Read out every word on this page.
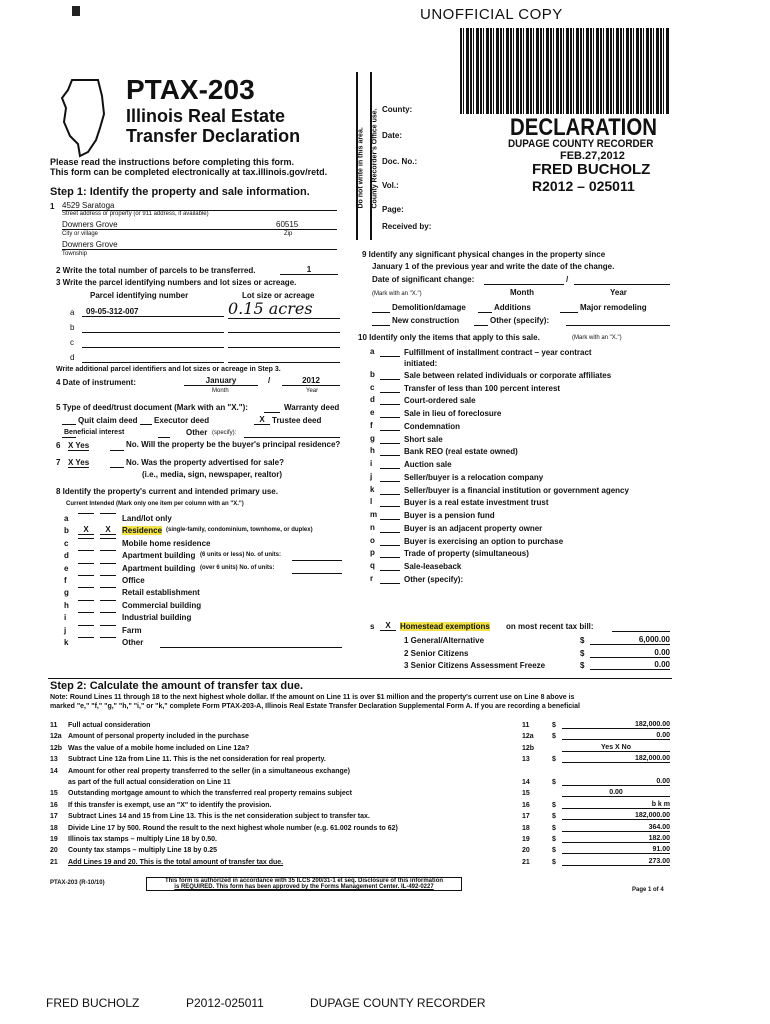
UNOFFICIAL COPY
PTAX-203
Illinois Real Estate
Transfer Declaration
Please read the instructions before completing this form.
This form can be completed electronically at tax.illinois.gov/retd.	Do not write in this area. County Recorder's Office use. County:
Date:
Doc. No.:
Vol.:
Page:
Received by:
DECLARATION
DUPAGE COUNTY RECORDER
FEB.27,2012
FRED BUCHOLZ
R2012 – 025011
Step 1: Identify the property and sale information.
1 4529 Saratoga
Street address or property (or 911 address, if available)
Downers Grove	60515
City or village	Zip
Downers Grove
Township
2 Write the total number of parcels to be transferred.	1
3 Write the parcel identifying numbers and lot sizes or acreage.
Parcel identifying number	Lot size or acreage
a	09-05-312-007	0.15 acres
b
c
d
Write additional parcel identifiers and lot sizes or acreage in Step 3.
4 Date of instrument:	January	/	2012
Month	Year
5 Type of deed/trust document (Mark with an "X."):	Warranty deed
Quit claim deed Executor deed	X Trustee deed
Beneficial interest	Other (specify):
6 X Yes	No. Will the property be the buyer's principal residence?
7 X Yes	No. Was the property advertised for sale?
(i.e., media, sign, newspaper, realtor)
8 Identify the property's current and intended primary use.
Current Intended (Mark only one item per column with an "X.")
a	Land/lot only
b	X	X	Residence (single-family, condominium, townhome, or duplex)
c	Mobile home residence
d	Apartment building (6 units or less) No. of units:
e	Apartment building (over 6 units) No. of units:
f	Office
g	Retail establishment
h	Commercial building
i	Industrial building
j	Farm
k	Other
9 Identify any significant physical changes in the property since
January 1 of the previous year and write the date of the change.
Date of significant change:	/
(Mark with an "X.")	Month	Year
Demolition/damage	Additions	Major remodeling
New construction	Other (specify):
10 Identify only the items that apply to this sale.	(Mark with an "X.")
a	Fulfillment of installment contract – year contract initiated:
b	Sale between related individuals or corporate affiliates
c	Transfer of less than 100 percent interest
d	Court-ordered sale
e	Sale in lieu of foreclosure
f	Condemnation
g	Short sale
h	Bank REO (real estate owned)
i	Auction sale
j	Seller/buyer is a relocation company
k	Seller/buyer is a financial institution or government agency
l	Buyer is a real estate investment trust
m	Buyer is a pension fund
n	Buyer is an adjacent property owner
o	Buyer is exercising an option to purchase
p	Trade of property (simultaneous)
q	Sale-leaseback
r	Other (specify):
s	X	Homestead exemptions on most recent tax bill:
1 General/Alternative	$	6,000.00
2 Senior Citizens	$	0.00
3 Senior Citizens Assessment Freeze	$	0.00
Step 2: Calculate the amount of transfer tax due.
Note: Round Lines 11 through 18 to the next highest whole dollar. If the amount on Line 11 is over $1 million and the property's current use on Line 8 above is
marked "e," "f," "g," "h," "i," or "k," complete Form PTAX-203-A, Illinois Real Estate Transfer Declaration Supplemental Form A. If you are recording a beneficial
11 Full actual consideration	11	$	182,000.00
12a Amount of personal property included in the purchase	12a	$	0.00
12b Was the value of a mobile home included on Line 12a?	12b	Yes X No
13 Subtract Line 12a from Line 11. This is the net consideration for real property.	13	$	182,000.00
14 Amount for other real property transferred to the seller (in a simultaneous exchange)
as part of the full actual consideration on Line 11	14	$	0.00
15 Outstanding mortgage amount to which the transferred real property remains subject	15	0.00
16 If this transfer is exempt, use an "X" to identify the provision.	16	$	b k m
17 Subtract Lines 14 and 15 from Line 13. This is the net consideration subject to transfer tax.	17	$	182,000.00
18 Divide Line 17 by 500. Round the result to the next highest whole number (e.g. 61.002 rounds to 62)	18	$	364.00
19 Illinois tax stamps – multiply Line 18 by 0.50.	19	$	182.00
20 County tax stamps – multiply Line 18 by 0.25	20	$	91.00
21 Add Lines 19 and 20. This is the total amount of transfer tax due.	21	$	273.00
PTAX-203 (R-10/10)	This form is authorized in accordance with 35 ILCS 200/31-1 et seq. Disclosure of this information
is REQUIRED. This form has been approved by the Forms Management Center. IL-492-0227	Page 1 of 4
FRED BUCHOLZ	P2012-025011	DUPAGE COUNTY RECORDER
